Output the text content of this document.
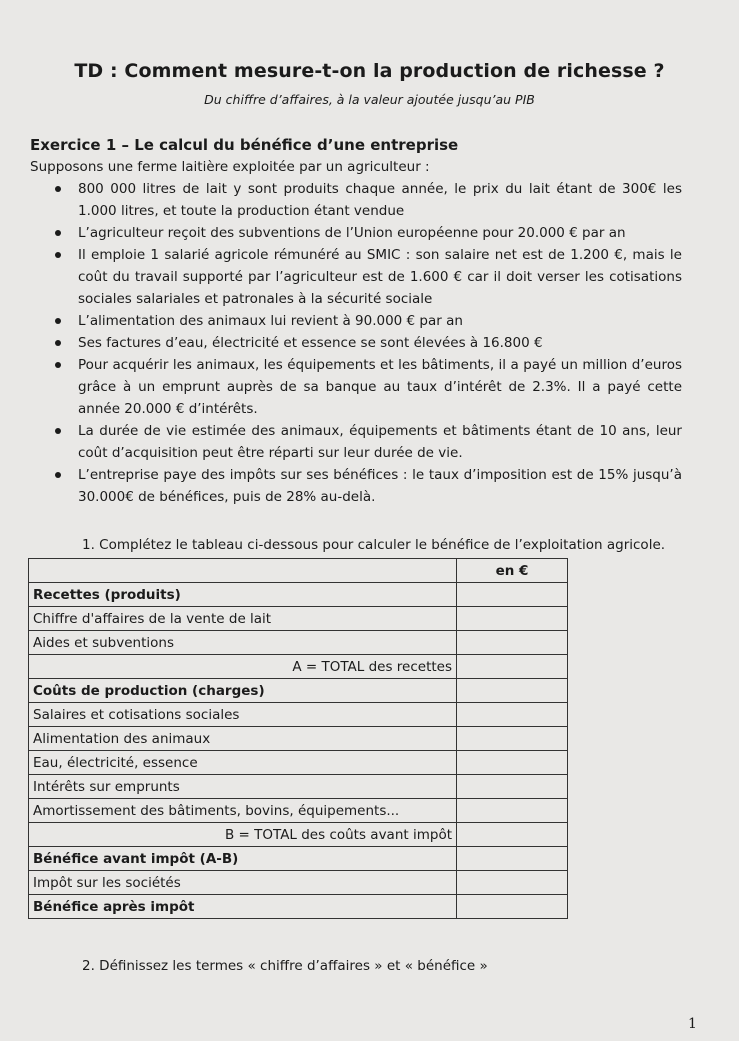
TD : Comment mesure-t-on la production de richesse ?
Du chiffre d’affaires, à la valeur ajoutée jusqu’au PIB
Exercice 1 – Le calcul du bénéfice d’une entreprise
Supposons une ferme laitière exploitée par un agriculteur :
800 000 litres de lait y sont produits chaque année, le prix du lait étant de 300€ les 1.000 litres, et toute la production étant vendue
L’agriculteur reçoit des subventions de l’Union européenne pour 20.000 € par an
Il emploie 1 salarié agricole rémunéré au SMIC : son salaire net est de 1.200 €, mais le coût du travail supporté par l’agriculteur est de 1.600 € car il doit verser les cotisations sociales salariales et patronales à la sécurité sociale
L’alimentation des animaux lui revient à 90.000 € par an
Ses factures d’eau, électricité et essence se sont élevées à 16.800 €
Pour acquérir les animaux, les équipements et les bâtiments, il a payé un million d’euros grâce à un emprunt auprès de sa banque au taux d’intérêt de 2.3%. Il a payé cette année 20.000 € d’intérêts.
La durée de vie estimée des animaux, équipements et bâtiments étant de 10 ans, leur coût d’acquisition peut être réparti sur leur durée de vie.
L’entreprise paye des impôts sur ses bénéfices : le taux d’imposition est de 15% jusqu’à 30.000€ de bénéfices, puis de 28% au-delà.
1. Complétez le tableau ci-dessous pour calculer le bénéfice de l’exploitation agricole.
	en €
Recettes (produits)	
Chiffre d'affaires de la vente de lait	
Aides et subventions	
A = TOTAL des recettes	
Coûts de production (charges)	
Salaires et cotisations sociales	
Alimentation des animaux	
Eau, électricité, essence	
Intérêts sur emprunts	
Amortissement des bâtiments, bovins, équipements...	
B = TOTAL des coûts avant impôt	
Bénéfice avant impôt (A-B)	
Impôt sur les sociétés	
Bénéfice après impôt	
2. Définissez les termes « chiffre d’affaires » et « bénéfice »
1
